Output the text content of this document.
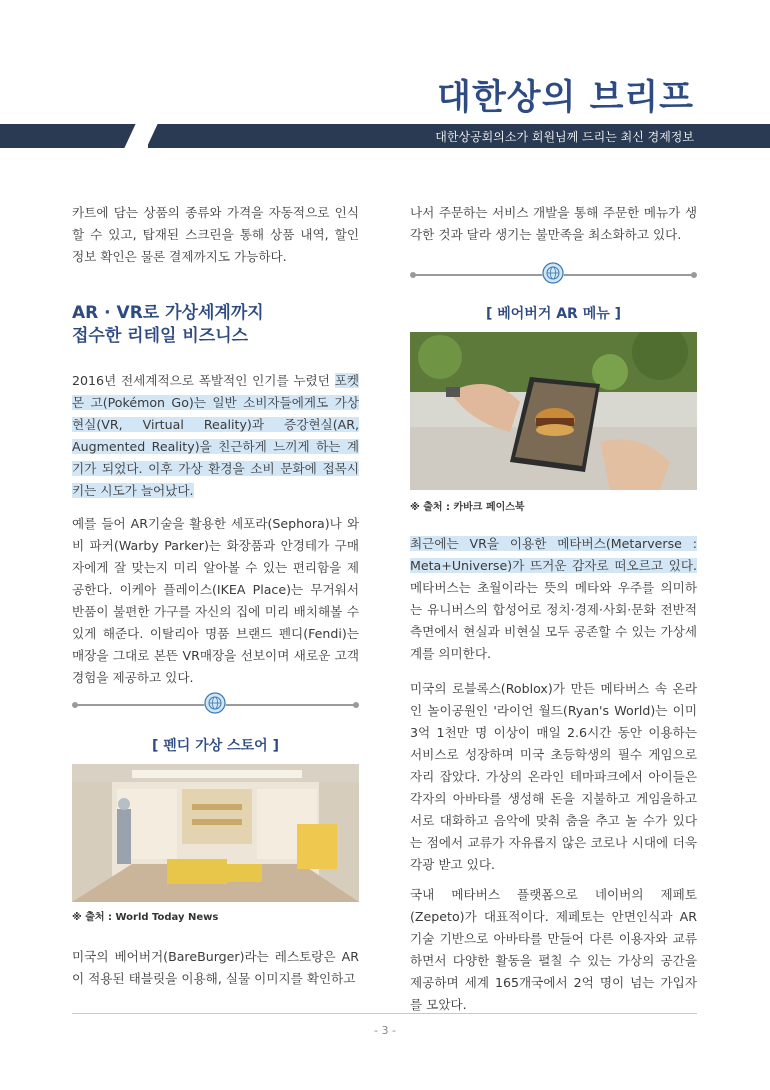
대한상의 브리프
대한상공회의소가 회원님께 드리는 최신 경제정보

카트에 담는 상품의 종류와 가격을 자동적으로 인식할 수 있고, 탑재된 스크린을 통해 상품 내역, 할인 정보 확인은 물론 결제까지도 가능하다.

AR · VR로 가상세계까지
접수한 리테일 비즈니스

2016년 전세계적으로 폭발적인 인기를 누렸던 포켓몬 고(Pokémon Go)는 일반 소비자들에게도 가상현실(VR, Virtual Reality)과 증강현실(AR, Augmented Reality)을 친근하게 느끼게 하는 계기가 되었다. 이후 가상 환경을 소비 문화에 접목시키는 시도가 늘어났다.

예를 들어 AR기술을 활용한 세포라(Sephora)나 와비 파커(Warby Parker)는 화장품과 안경테가 구매자에게 잘 맞는지 미리 알아볼 수 있는 편리함을 제공한다. 이케아 플레이스(IKEA Place)는 무거워서 반품이 불편한 가구를 자신의 집에 미리 배치해볼 수 있게 해준다. 이탈리아 명품 브랜드 펜디(Fendi)는 매장을 그대로 본뜬 VR매장을 선보이며 새로운 고객 경험을 제공하고 있다.

[ 펜디 가상 스토어 ]
※ 출처 : World Today News

미국의 베어버거(BareBurger)라는 레스토랑은 AR이 적용된 태블릿을 이용해, 실물 이미지를 확인하고

나서 주문하는 서비스 개발을 통해 주문한 메뉴가 생각한 것과 달라 생기는 불만족을 최소화하고 있다.

[ 베어버거 AR 메뉴 ]
※ 출처 : 카바크 페이스북

최근에는 VR을 이용한 메타버스(Metarverse : Meta+Universe)가 뜨거운 감자로 떠오르고 있다. 메타버스는 초월이라는 뜻의 메타와 우주를 의미하는 유니버스의 합성어로 정치·경제·사회·문화 전반적 측면에서 현실과 비현실 모두 공존할 수 있는 가상세계를 의미한다.

미국의 로블록스(Roblox)가 만든 메타버스 속 온라인 놀이공원인 '라이언 월드(Ryan's World)는 이미 3억 1천만 명 이상이 매일 2.6시간 동안 이용하는 서비스로 성장하며 미국 초등학생의 필수 게임으로 자리 잡았다. 가상의 온라인 테마파크에서 아이들은 각자의 아바타를 생성해 돈을 지불하고 게임을하고 서로 대화하고 음악에 맞춰 춤을 추고 놀 수가 있다는 점에서 교류가 자유롭지 않은 코로나 시대에 더욱 각광 받고 있다.

국내 메타버스 플랫폼으로 네이버의 제페토(Zepeto)가 대표적이다. 제페토는 안면인식과 AR 기술 기반으로 아바타를 만들어 다른 이용자와 교류하면서 다양한 활동을 펼칠 수 있는 가상의 공간을 제공하며 세계 165개국에서 2억 명이 넘는 가입자를 모았다.

- 3 -
